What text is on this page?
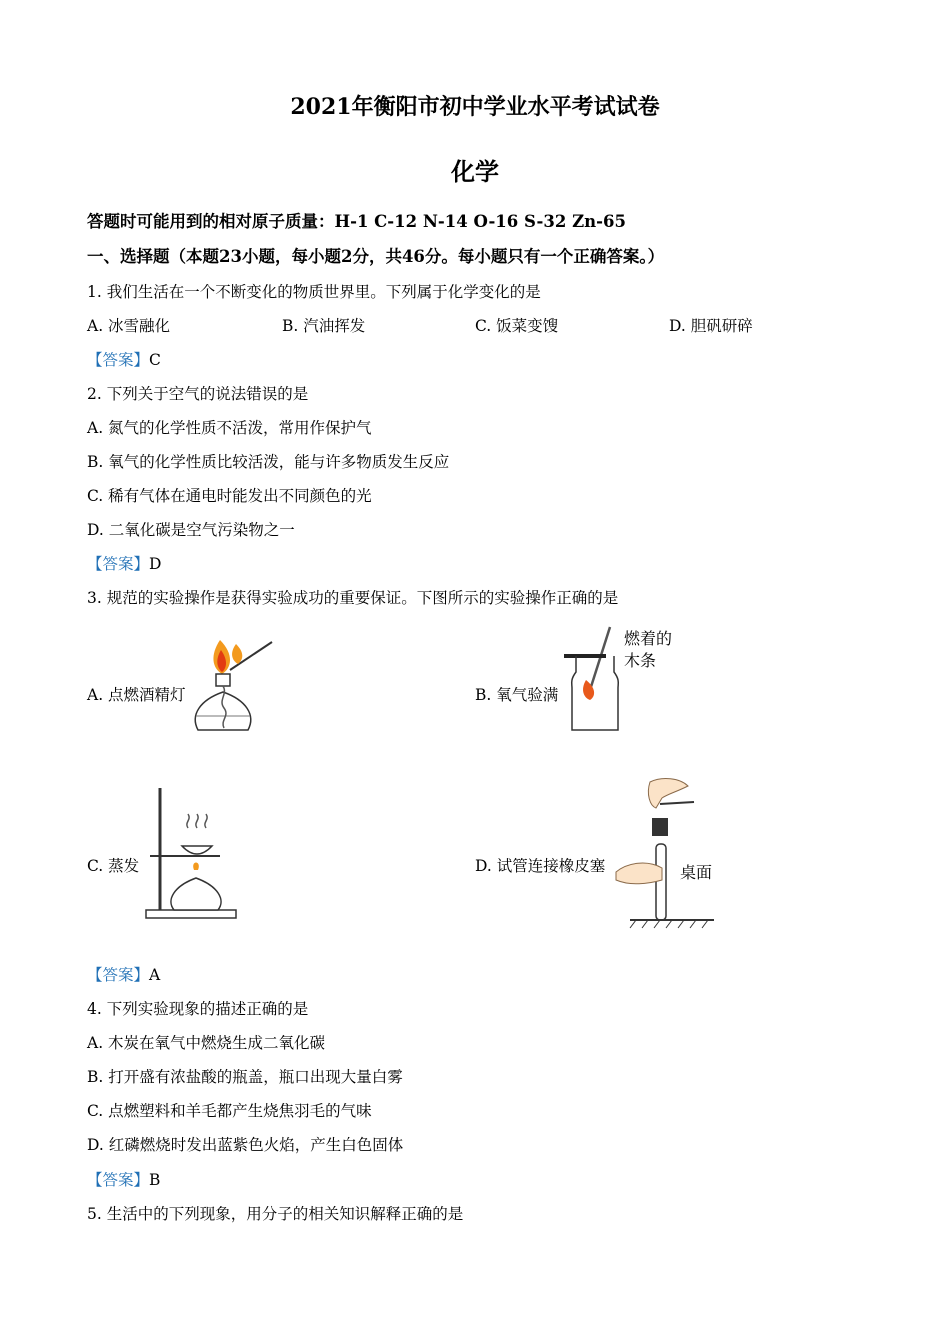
2021年衡阳市初中学业水平考试试卷
化学
答题时可能用到的相对原子质量：H-1 C-12 N-14 O-16 S-32 Zn-65
一、选择题（本题23小题，每小题2分，共46分。每小题只有一个正确答案。）
1. 我们生活在一个不断变化的物质世界里。下列属于化学变化的是
A. 冰雪融化	B. 汽油挥发	C. 饭菜变馊	D. 胆矾研碎
【答案】C
2. 下列关于空气的说法错误的是
A. 氮气的化学性质不活泼，常用作保护气
B. 氧气的化学性质比较活泼，能与许多物质发生反应
C. 稀有气体在通电时能发出不同颜色的光
D. 二氧化碳是空气污染物之一
【答案】D
3. 规范的实验操作是获得实验成功的重要保证。下图所示的实验操作正确的是
A. 点燃酒精灯	B. 氧气验满
C. 蒸发	D. 试管连接橡皮塞
燃着的
木条
桌面
【答案】A
4. 下列实验现象的描述正确的是
A. 木炭在氧气中燃烧生成二氧化碳
B. 打开盛有浓盐酸的瓶盖，瓶口出现大量白雾
C. 点燃塑料和羊毛都产生烧焦羽毛的气味
D. 红磷燃烧时发出蓝紫色火焰，产生白色固体
【答案】B
5. 生活中的下列现象，用分子的相关知识解释正确的是
